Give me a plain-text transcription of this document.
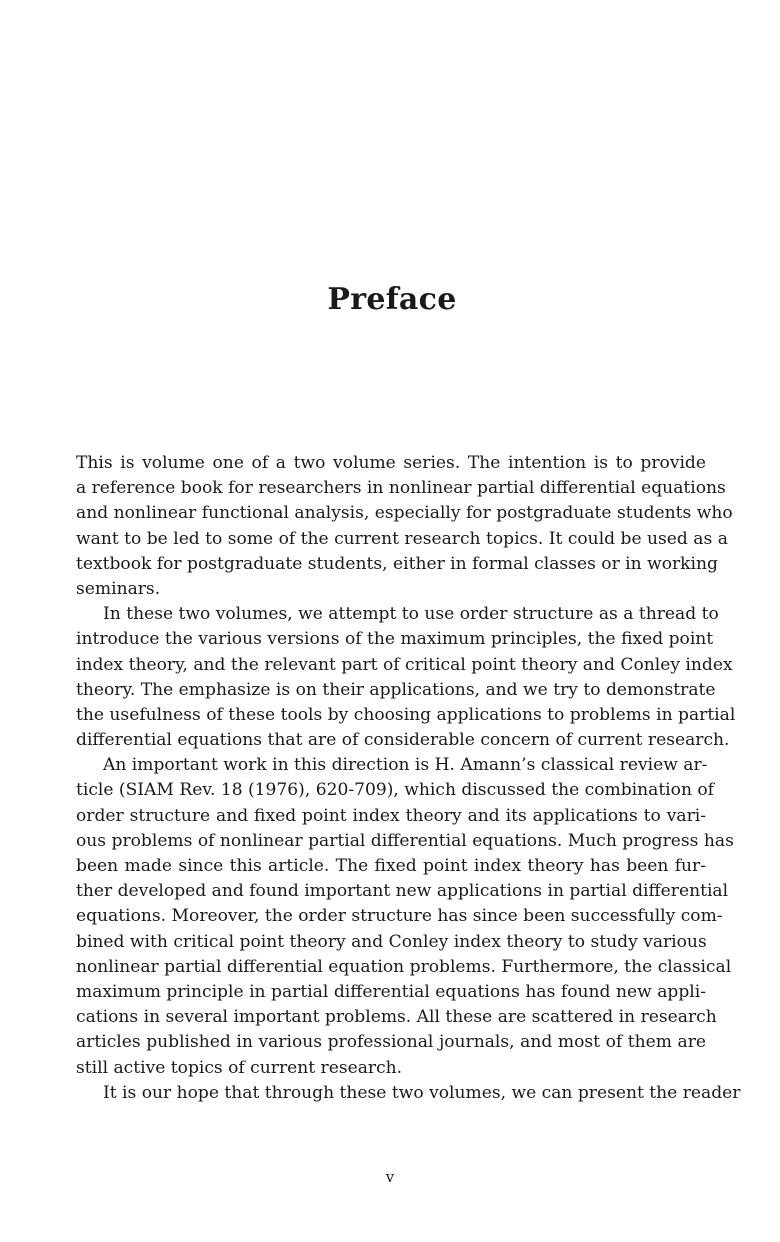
Preface
This is volume one of a two volume series. The intention is to provide
a reference book for researchers in nonlinear partial differential equations
and nonlinear functional analysis, especially for postgraduate students who
want to be led to some of the current research topics. It could be used as a
textbook for postgraduate students, either in formal classes or in working
seminars.
In these two volumes, we attempt to use order structure as a thread to
introduce the various versions of the maximum principles, the fixed point
index theory, and the relevant part of critical point theory and Conley index
theory. The emphasize is on their applications, and we try to demonstrate
the usefulness of these tools by choosing applications to problems in partial
differential equations that are of considerable concern of current research.
An important work in this direction is H. Amann’s classical review ar-
ticle (SIAM Rev. 18 (1976), 620-709), which discussed the combination of
order structure and fixed point index theory and its applications to vari-
ous problems of nonlinear partial differential equations. Much progress has
been made since this article. The fixed point index theory has been fur-
ther developed and found important new applications in partial differential
equations. Moreover, the order structure has since been successfully com-
bined with critical point theory and Conley index theory to study various
nonlinear partial differential equation problems. Furthermore, the classical
maximum principle in partial differential equations has found new appli-
cations in several important problems. All these are scattered in research
articles published in various professional journals, and most of them are
still active topics of current research.
It is our hope that through these two volumes, we can present the reader
v
